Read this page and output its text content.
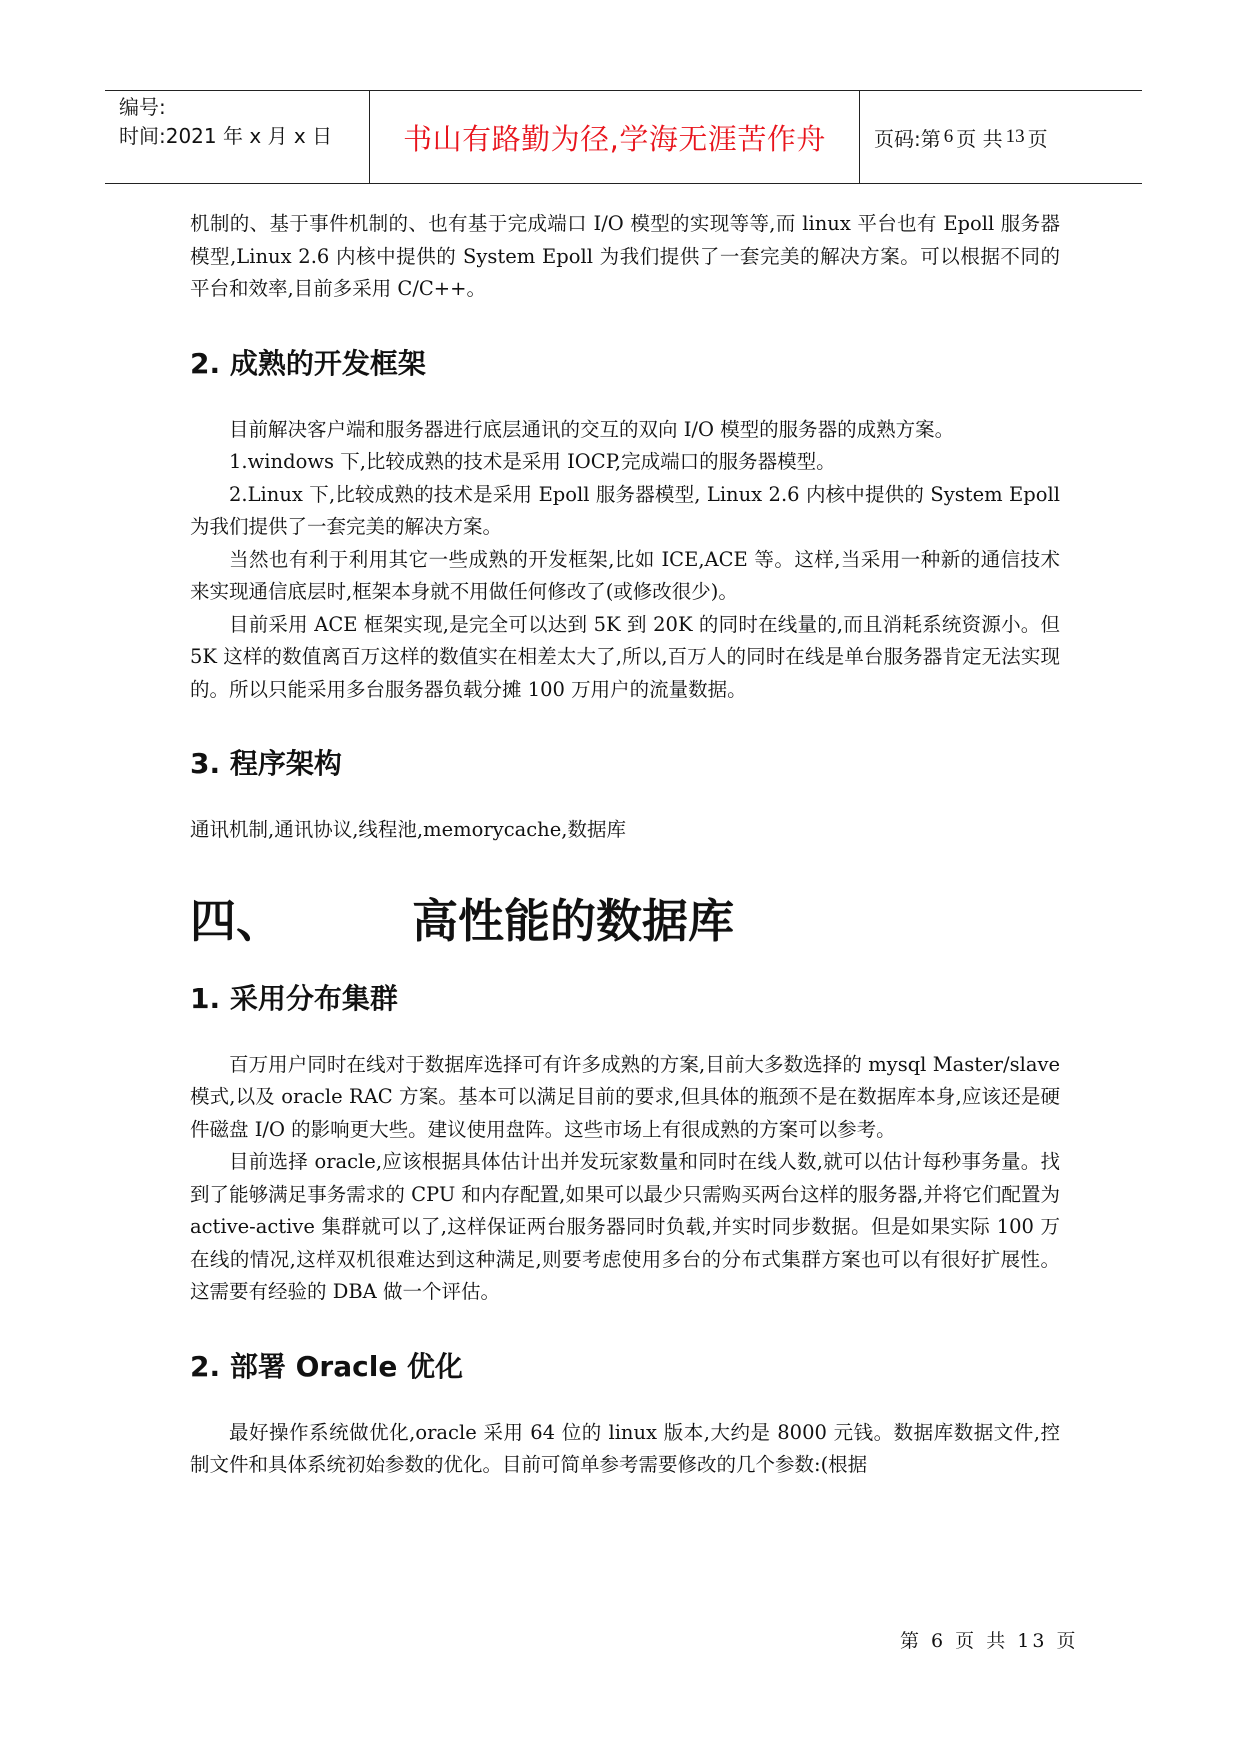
编号:
时间:2021 年 x 月 x 日	书山有路勤为径,学海无涯苦作舟	页码:第 6 页 共 13 页

机制的、基于事件机制的、也有基于完成端口 I/O 模型的实现等等,而 linux 平台也有 Epoll 服务器模型,Linux 2.6 内核中提供的 System Epoll 为我们提供了一套完美的解决方案。可以根据不同的平台和效率,目前多采用 C/C++。

2. 成熟的开发框架

目前解决客户端和服务器进行底层通讯的交互的双向 I/O 模型的服务器的成熟方案。

1.windows 下,比较成熟的技术是采用 IOCP,完成端口的服务器模型。

2.Linux 下,比较成熟的技术是采用 Epoll 服务器模型, Linux 2.6 内核中提供的 System Epoll 为我们提供了一套完美的解决方案。

当然也有利于利用其它一些成熟的开发框架,比如 ICE,ACE 等。这样,当采用一种新的通信技术来实现通信底层时,框架本身就不用做任何修改了(或修改很少)。

目前采用 ACE 框架实现,是完全可以达到 5K 到 20K 的同时在线量的,而且消耗系统资源小。但 5K 这样的数值离百万这样的数值实在相差太大了,所以,百万人的同时在线是单台服务器肯定无法实现的。所以只能采用多台服务器负载分摊 100 万用户的流量数据。

3. 程序架构

通讯机制,通讯协议,线程池,memorycache,数据库

四、	高性能的数据库
1. 采用分布集群

百万用户同时在线对于数据库选择可有许多成熟的方案,目前大多数选择的 mysql Master/slave 模式,以及 oracle RAC 方案。基本可以满足目前的要求,但具体的瓶颈不是在数据库本身,应该还是硬件磁盘 I/O 的影响更大些。建议使用盘阵。这些市场上有很成熟的方案可以参考。

目前选择 oracle,应该根据具体估计出并发玩家数量和同时在线人数,就可以估计每秒事务量。找到了能够满足事务需求的 CPU 和内存配置,如果可以最少只需购买两台这样的服务器,并将它们配置为 active-active 集群就可以了,这样保证两台服务器同时负载,并实时同步数据。但是如果实际 100 万在线的情况,这样双机很难达到这种满足,则要考虑使用多台的分布式集群方案也可以有很好扩展性。这需要有经验的 DBA 做一个评估。

2. 部署 Oracle 优化

最好操作系统做优化,oracle 采用 64 位的 linux 版本,大约是 8000 元钱。数据库数据文件,控制文件和具体系统初始参数的优化。目前可简单参考需要修改的几个参数:(根据

第 6 页 共 13 页
